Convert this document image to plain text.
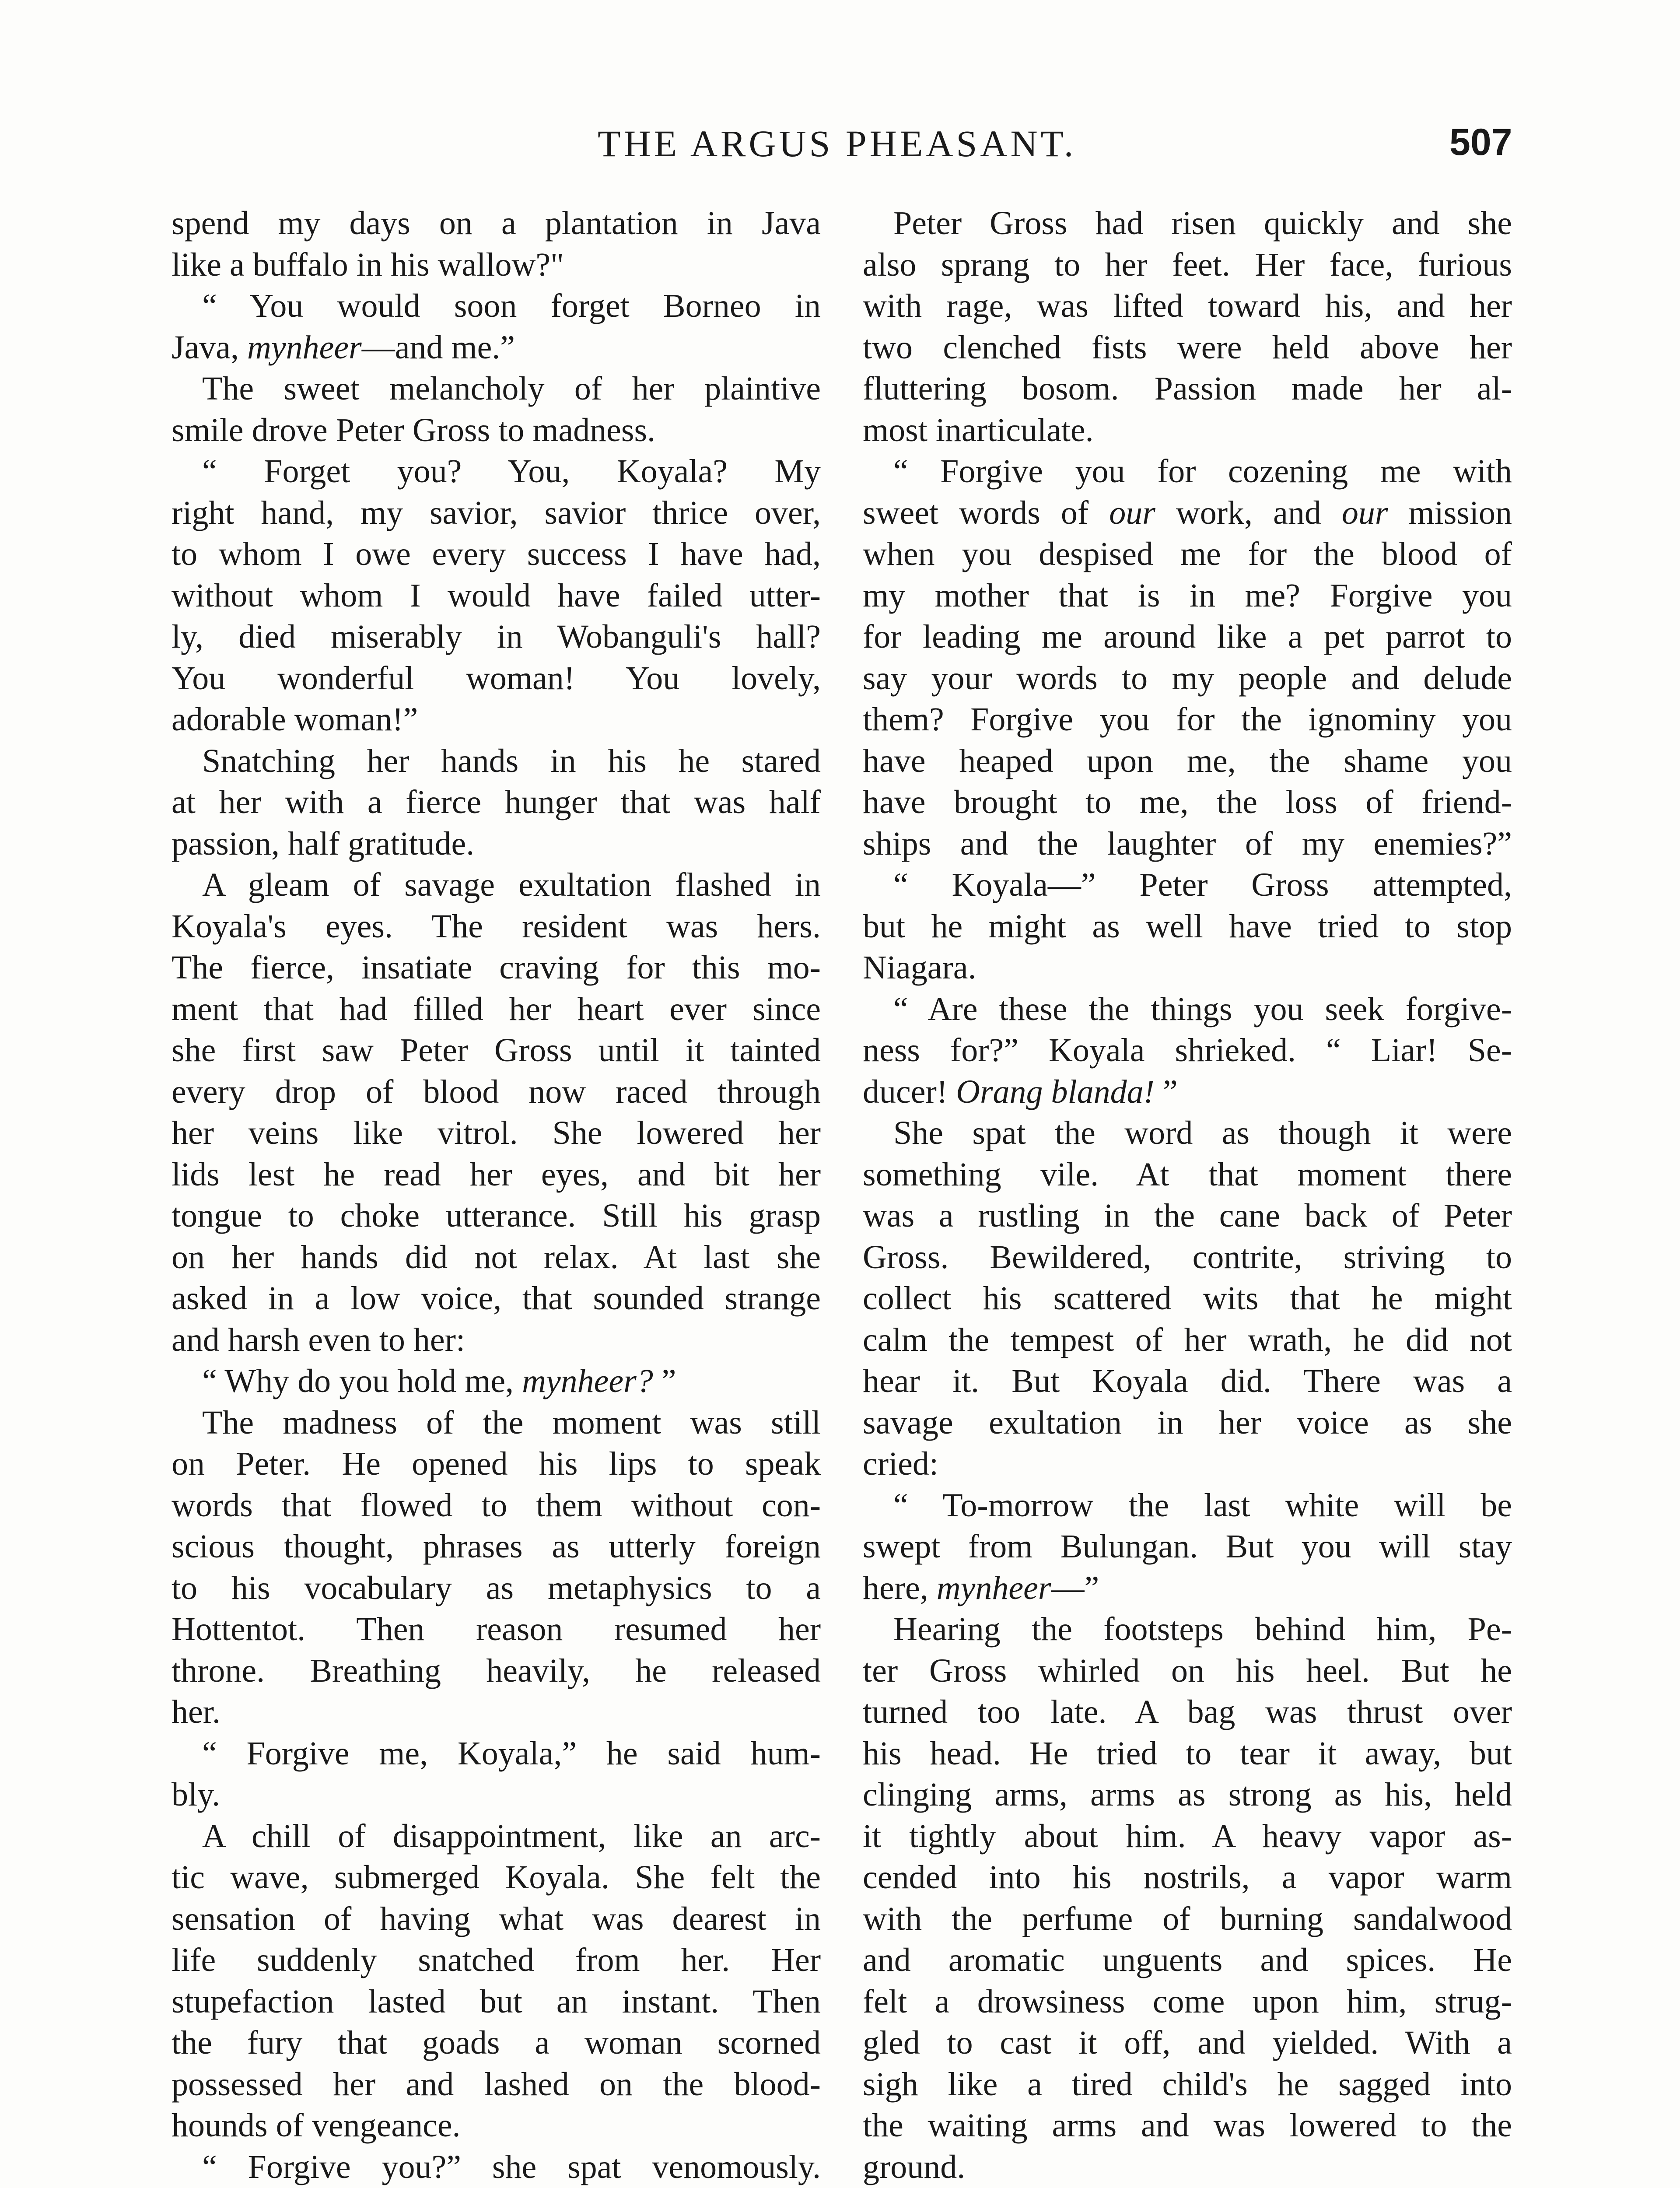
THE ARGUS PHEASANT.	507
spend my days on a plantation in Java
like a buffalo in his wallow?"
“ You would soon forget Borneo in
Java, mynheer—and me.”
The sweet melancholy of her plaintive
smile drove Peter Gross to madness.
“ Forget you? You, Koyala? My
right hand, my savior, savior thrice over,
to whom I owe every success I have had,
without whom I would have failed utter-
ly, died miserably in Wobanguli's hall?
You wonderful woman! You lovely,
adorable woman!”
Snatching her hands in his he stared
at her with a fierce hunger that was half
passion, half gratitude.
A gleam of savage exultation flashed in
Koyala's eyes. The resident was hers.
The fierce, insatiate craving for this mo-
ment that had filled her heart ever since
she first saw Peter Gross until it tainted
every drop of blood now raced through
her veins like vitrol. She lowered her
lids lest he read her eyes, and bit her
tongue to choke utterance. Still his grasp
on her hands did not relax. At last she
asked in a low voice, that sounded strange
and harsh even to her:
“ Why do you hold me, mynheer? ”
The madness of the moment was still
on Peter. He opened his lips to speak
words that flowed to them without con-
scious thought, phrases as utterly foreign
to his vocabulary as metaphysics to a
Hottentot. Then reason resumed her
throne. Breathing heavily, he released
her.
“ Forgive me, Koyala,” he said hum-
bly.
A chill of disappointment, like an arc-
tic wave, submerged Koyala. She felt the
sensation of having what was dearest in
life suddenly snatched from her. Her
stupefaction lasted but an instant. Then
the fury that goads a woman scorned
possessed her and lashed on the blood-
hounds of vengeance.
“ Forgive you?” she spat venomously.
Peter Gross had risen quickly and she
also sprang to her feet. Her face, furious
with rage, was lifted toward his, and her
two clenched fists were held above her
fluttering bosom. Passion made her al-
most inarticulate.
“ Forgive you for cozening me with
sweet words of our work, and our mission
when you despised me for the blood of
my mother that is in me? Forgive you
for leading me around like a pet parrot to
say your words to my people and delude
them? Forgive you for the ignominy you
have heaped upon me, the shame you
have brought to me, the loss of friend-
ships and the laughter of my enemies?”
“ Koyala—” Peter Gross attempted,
but he might as well have tried to stop
Niagara.
“ Are these the things you seek forgive-
ness for?” Koyala shrieked. “ Liar! Se-
ducer! Orang blanda! ”
She spat the word as though it were
something vile. At that moment there
was a rustling in the cane back of Peter
Gross. Bewildered, contrite, striving to
collect his scattered wits that he might
calm the tempest of her wrath, he did not
hear it. But Koyala did. There was a
savage exultation in her voice as she
cried:
“ To-morrow the last white will be
swept from Bulungan. But you will stay
here, mynheer—”
Hearing the footsteps behind him, Pe-
ter Gross whirled on his heel. But he
turned too late. A bag was thrust over
his head. He tried to tear it away, but
clinging arms, arms as strong as his, held
it tightly about him. A heavy vapor as-
cended into his nostrils, a vapor warm
with the perfume of burning sandalwood
and aromatic unguents and spices. He
felt a drowsiness come upon him, strug-
gled to cast it off, and yielded. With a
sigh like a tired child's he sagged into
the waiting arms and was lowered to the
ground.
